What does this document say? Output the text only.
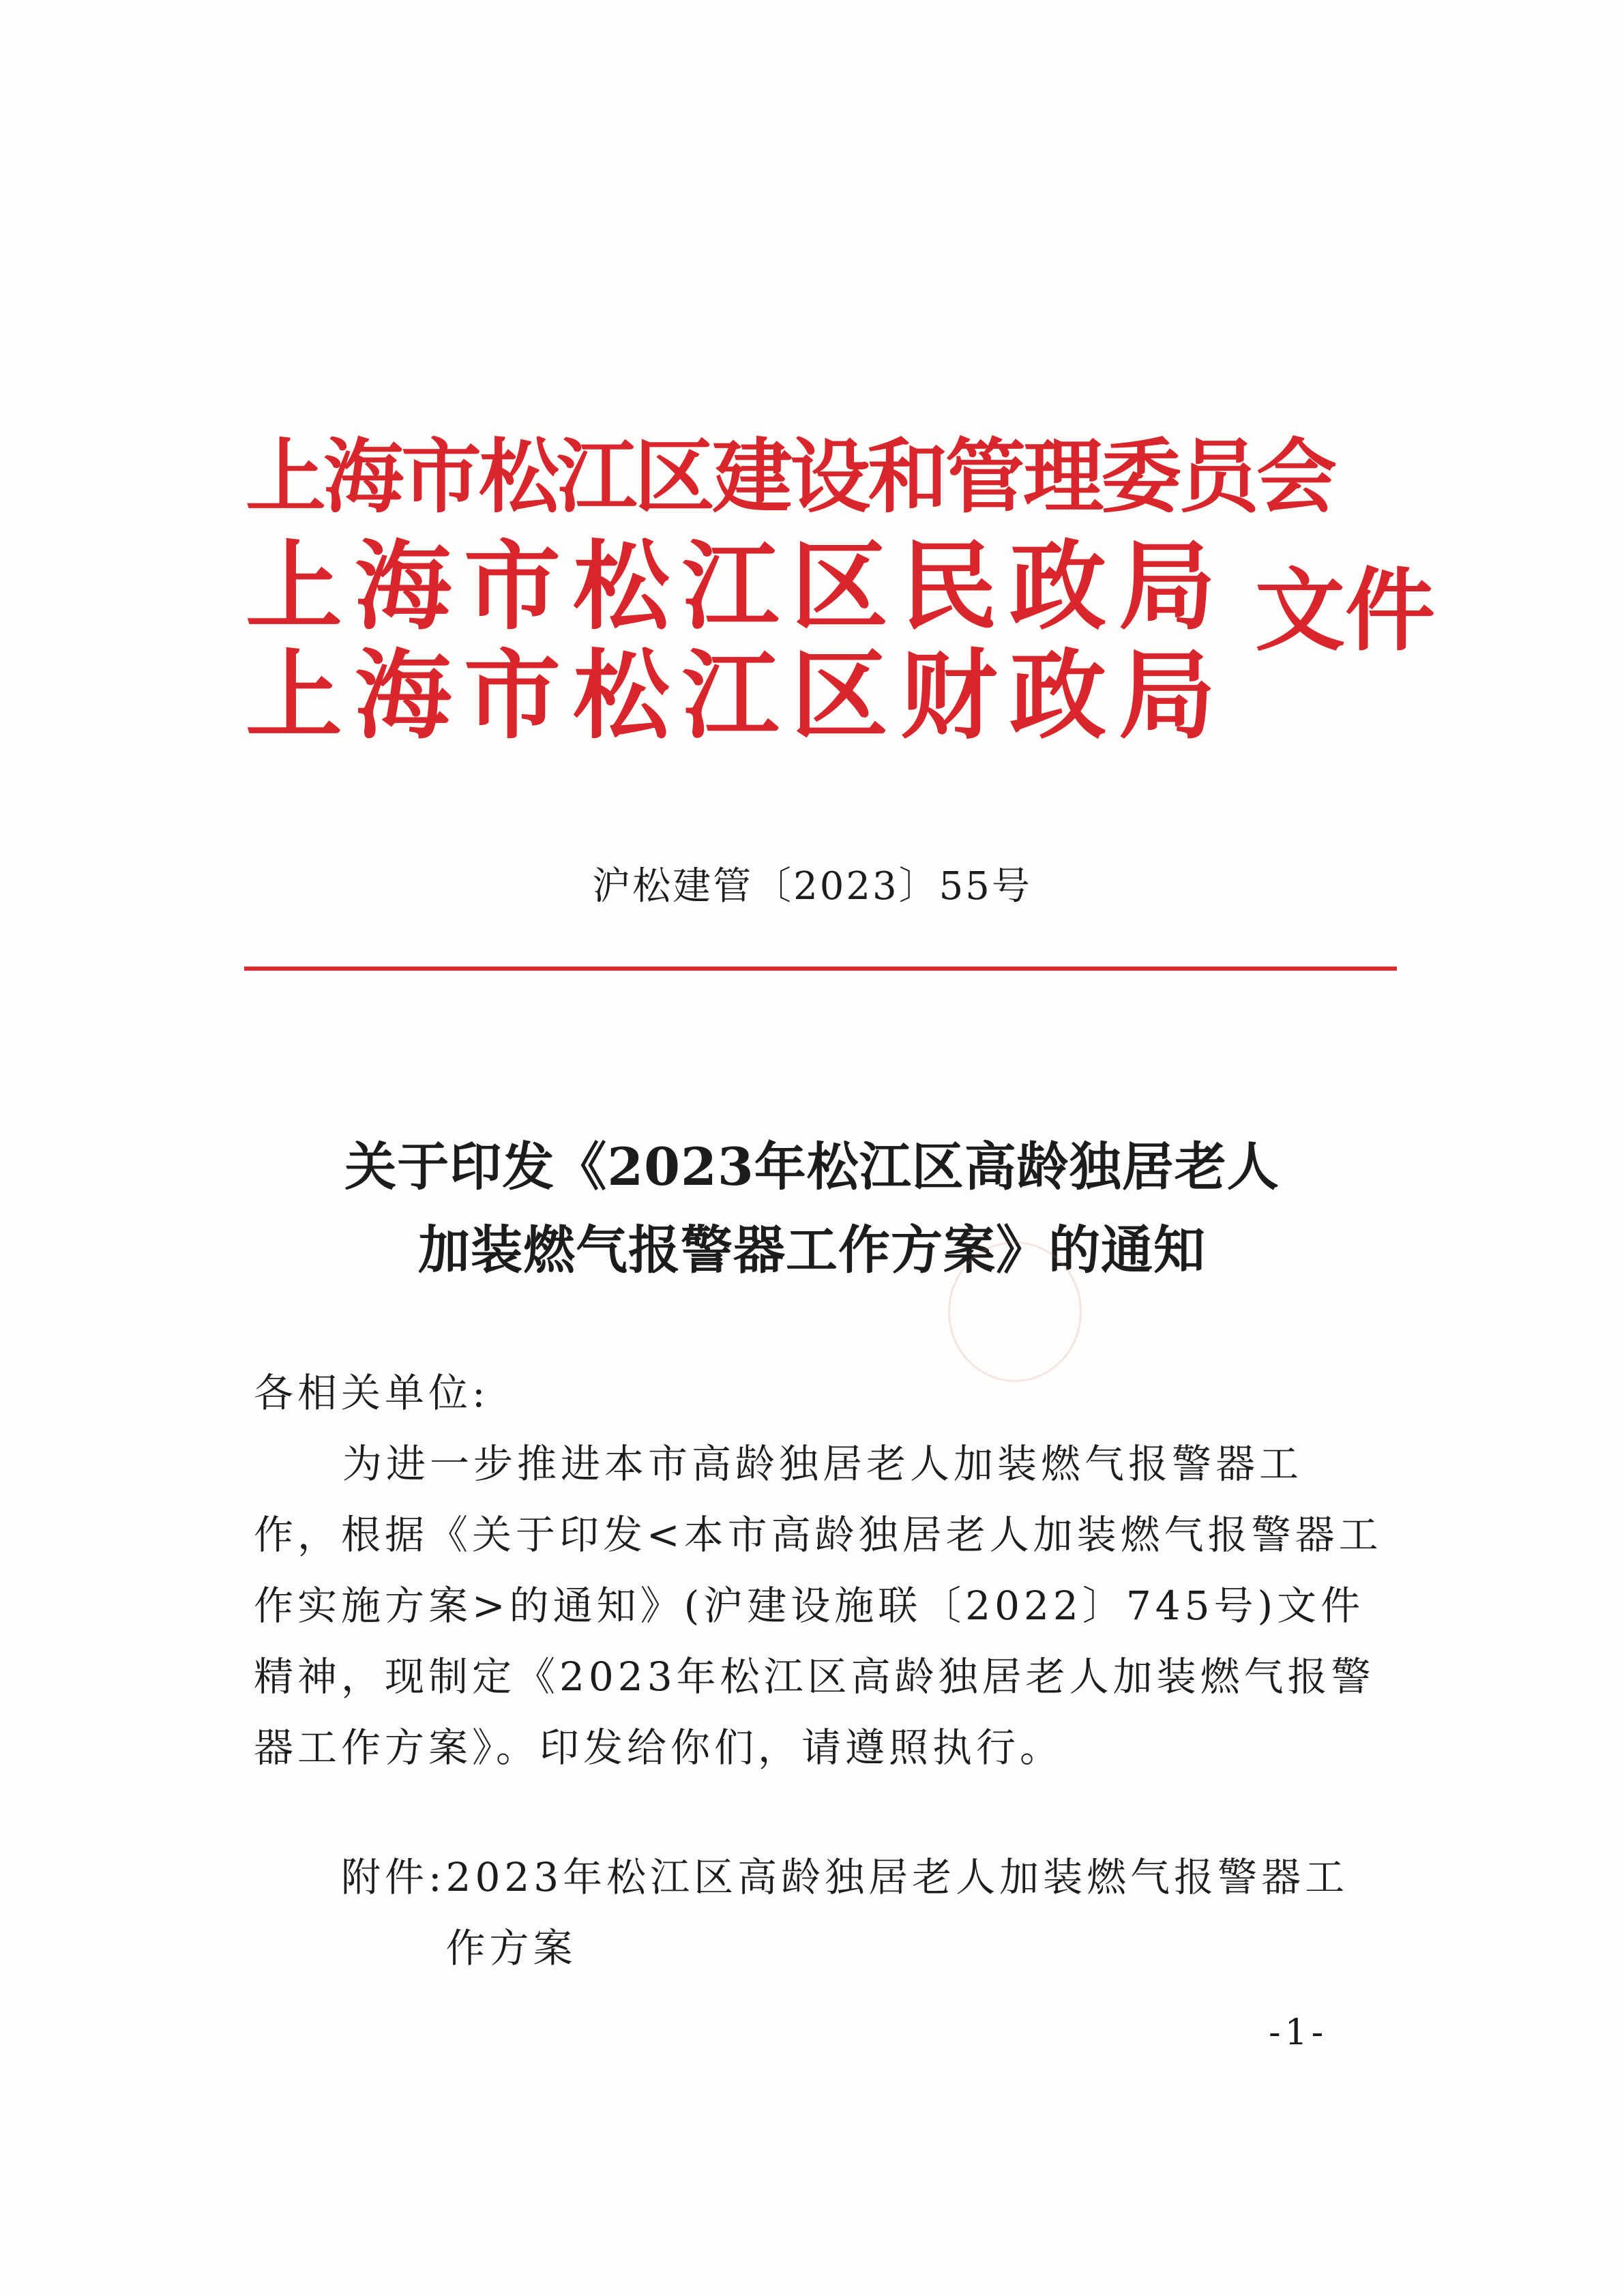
上海市松江区建设和管理委员会
上海市松江区民政局
上海市松江区财政局
文件
沪松建管〔2023〕55号
关于印发《2023年松江区高龄独居老人
加装燃气报警器工作方案》的通知

各相关单位:

为进一步推进本市高龄独居老人加装燃气报警器工作，根据《关于印发<本市高龄独居老人加装燃气报警器工作实施方案>的通知》(沪建设施联〔2022〕745号)文件精神，现制定《2023年松江区高龄独居老人加装燃气报警器工作方案》。印发给你们，请遵照执行。

附件: 2023年松江区高龄独居老人加装燃气报警器工作方案
-1-
